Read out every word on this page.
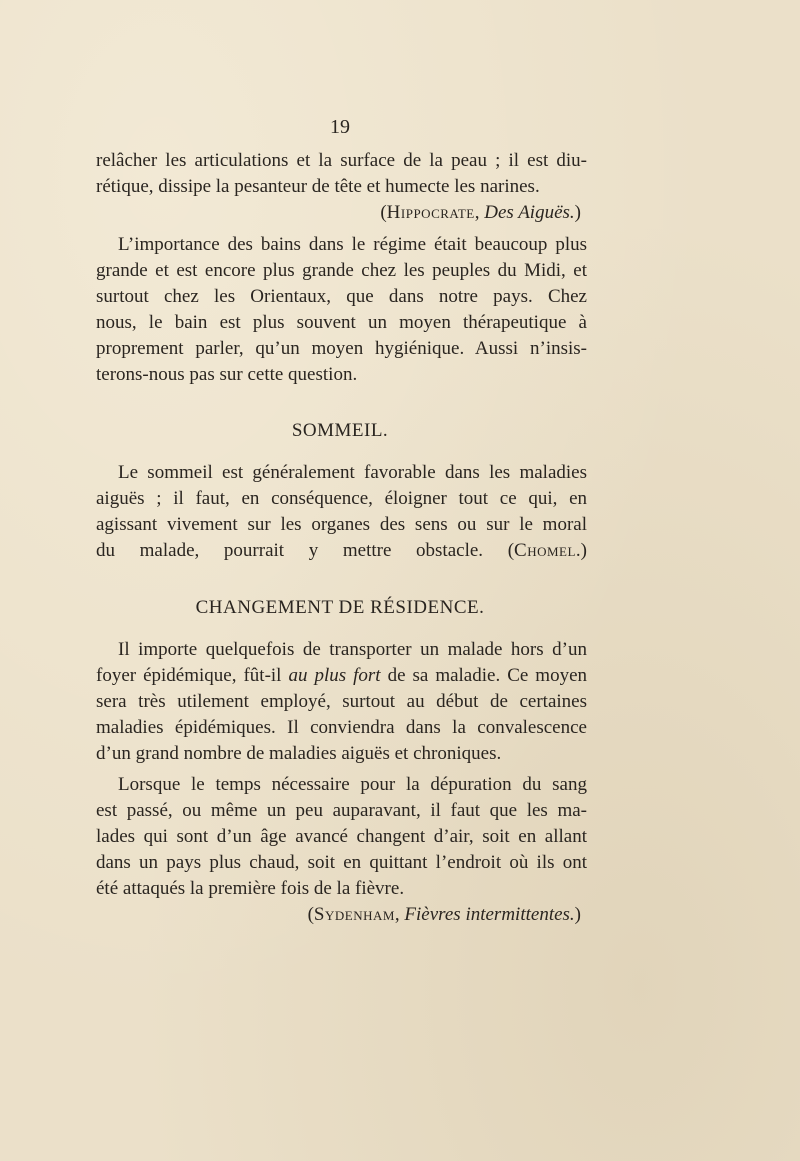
19
relâcher les articulations et la surface de la peau ; il est diu-
rétique, dissipe la pesanteur de tête et humecte les narines.
(Hippocrate, Des Aiguës.)
L’importance des bains dans le régime était beaucoup plus
grande et est encore plus grande chez les peuples du Midi, et
surtout chez les Orientaux, que dans notre pays. Chez
nous, le bain est plus souvent un moyen thérapeutique à
proprement parler, qu’un moyen hygiénique. Aussi n’insis-
terons-nous pas sur cette question.
SOMMEIL.
Le sommeil est généralement favorable dans les maladies
aiguës ; il faut, en conséquence, éloigner tout ce qui, en
agissant vivement sur les organes des sens ou sur le moral
du malade, pourrait y mettre obstacle. (Chomel.)
CHANGEMENT DE RÉSIDENCE.
Il importe quelquefois de transporter un malade hors d’un
foyer épidémique, fût-il au plus fort de sa maladie. Ce moyen
sera très utilement employé, surtout au début de certaines
maladies épidémiques. Il conviendra dans la convalescence
d’un grand nombre de maladies aiguës et chroniques.
Lorsque le temps nécessaire pour la dépuration du sang
est passé, ou même un peu auparavant, il faut que les ma-
lades qui sont d’un âge avancé changent d’air, soit en allant
dans un pays plus chaud, soit en quittant l’endroit où ils ont
été attaqués la première fois de la fièvre.
(Sydenham, Fièvres intermittentes.)
